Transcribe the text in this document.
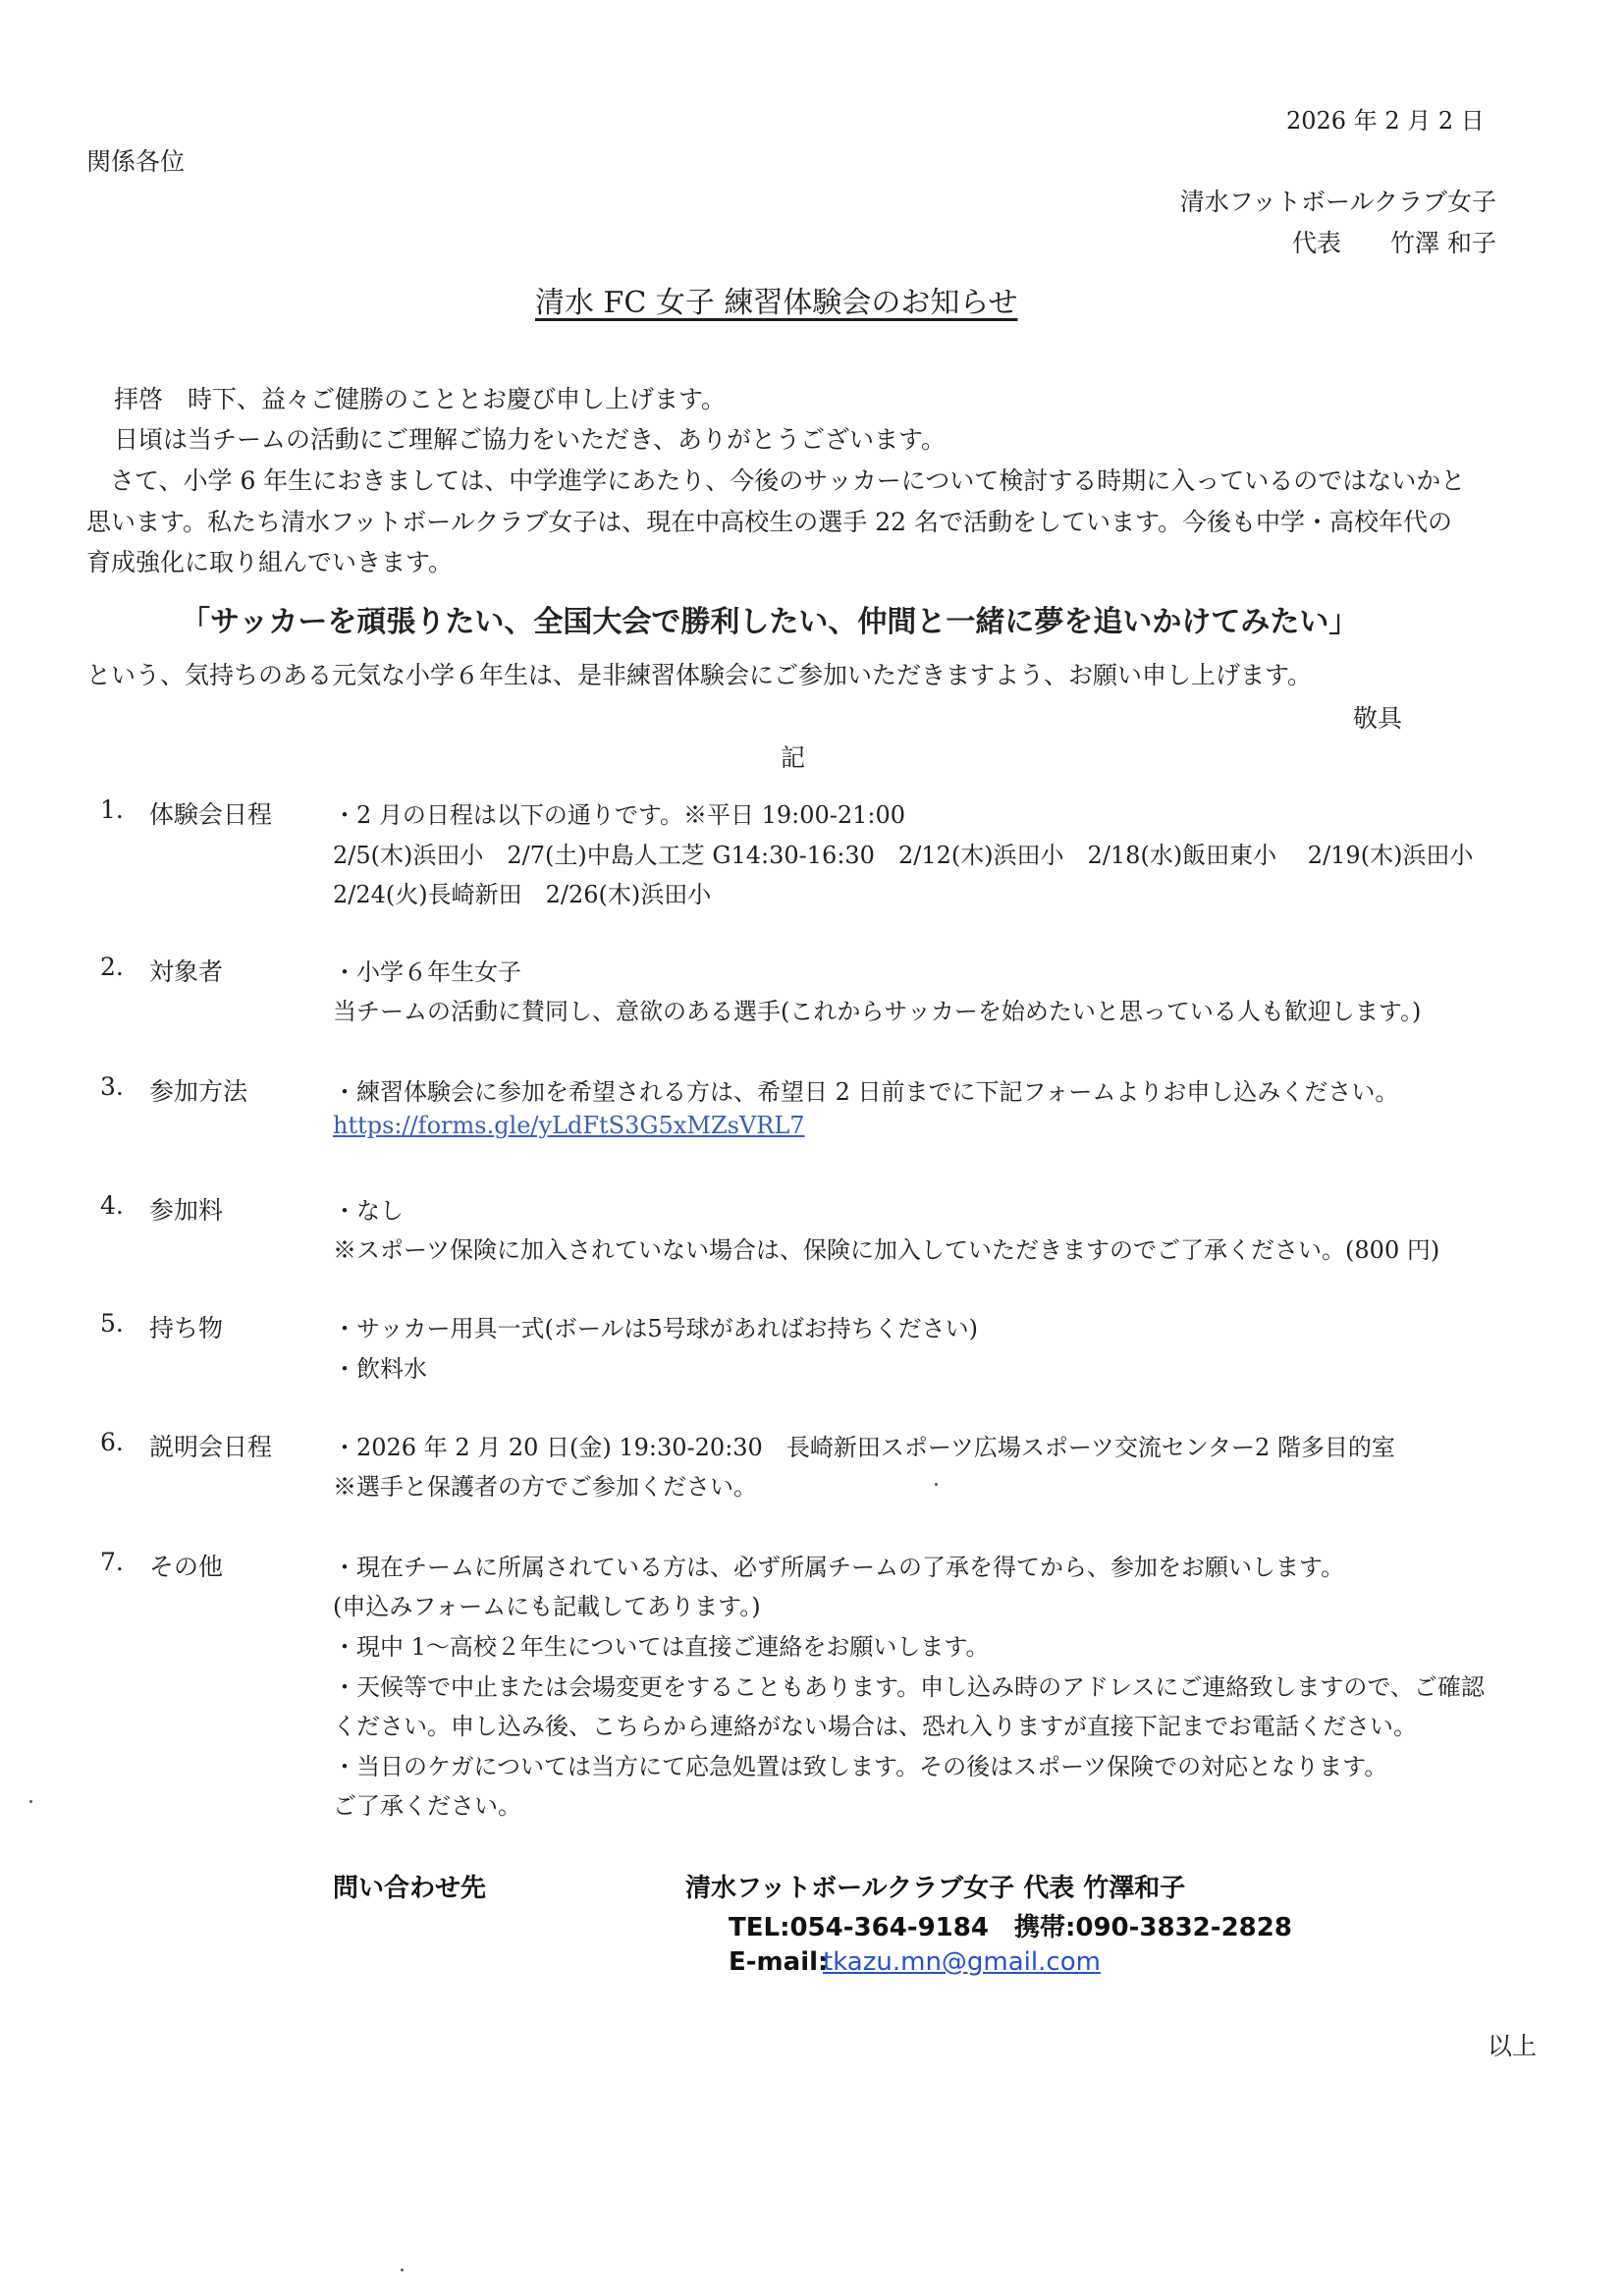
2026 年 2 月 2 日
関係各位
清水フットボールクラブ女子
代表　　竹澤 和子
清水 FC 女子 練習体験会のお知らせ
拝啓　時下、益々ご健勝のこととお慶び申し上げます。
日頃は当チームの活動にご理解ご協力をいただき、ありがとうございます。
さて、小学 6 年生におきましては、中学進学にあたり、今後のサッカーについて検討する時期に入っているのではないかと
思います。私たち清水フットボールクラブ女子は、現在中高校生の選手 22 名で活動をしています。今後も中学・高校年代の
育成強化に取り組んでいきます。
「サッカーを頑張りたい、全国大会で勝利したい、仲間と一緒に夢を追いかけてみたい」
という、気持ちのある元気な小学６年生は、是非練習体験会にご参加いただきますよう、お願い申し上げます。
敬具
記
1. 体験会日程	・2 月の日程は以下の通りです。※平日 19:00-21:00
2/5(木)浜田小　2/7(土)中島人工芝 G14:30-16:30　2/12(木)浜田小　2/18(水)飯田東小　 2/19(木)浜田小
2/24(火)長崎新田　2/26(木)浜田小
2. 対象者	・小学６年生女子
当チームの活動に賛同し、意欲のある選手(これからサッカーを始めたいと思っている人も歓迎します。)
3. 参加方法	・練習体験会に参加を希望される方は、希望日 2 日前までに下記フォームよりお申し込みください。
https://forms.gle/yLdFtS3G5xMZsVRL7
4. 参加料	・なし
※スポーツ保険に加入されていない場合は、保険に加入していただきますのでご了承ください。(800 円)
5. 持ち物	・サッカー用具一式(ボールは5号球があればお持ちください)
・飲料水
6. 説明会日程	・2026 年 2 月 20 日(金) 19:30-20:30　長崎新田スポーツ広場スポーツ交流センター2 階多目的室
※選手と保護者の方でご参加ください。
7. その他	・現在チームに所属されている方は、必ず所属チームの了承を得てから、参加をお願いします。
(申込みフォームにも記載してあります。)
・現中 1～高校２年生については直接ご連絡をお願いします。
・天候等で中止または会場変更をすることもあります。申し込み時のアドレスにご連絡致しますので、ご確認
ください。申し込み後、こちらから連絡がない場合は、恐れ入りますが直接下記までお電話ください。
・当日のケガについては当方にて応急処置は致します。その後はスポーツ保険での対応となります。
ご了承ください。
問い合わせ先	清水フットボールクラブ女子 代表 竹澤和子
TEL:054-364-9184　携帯:090-3832-2828
E-mail:
tkazu.mn@gmail.com
以上
